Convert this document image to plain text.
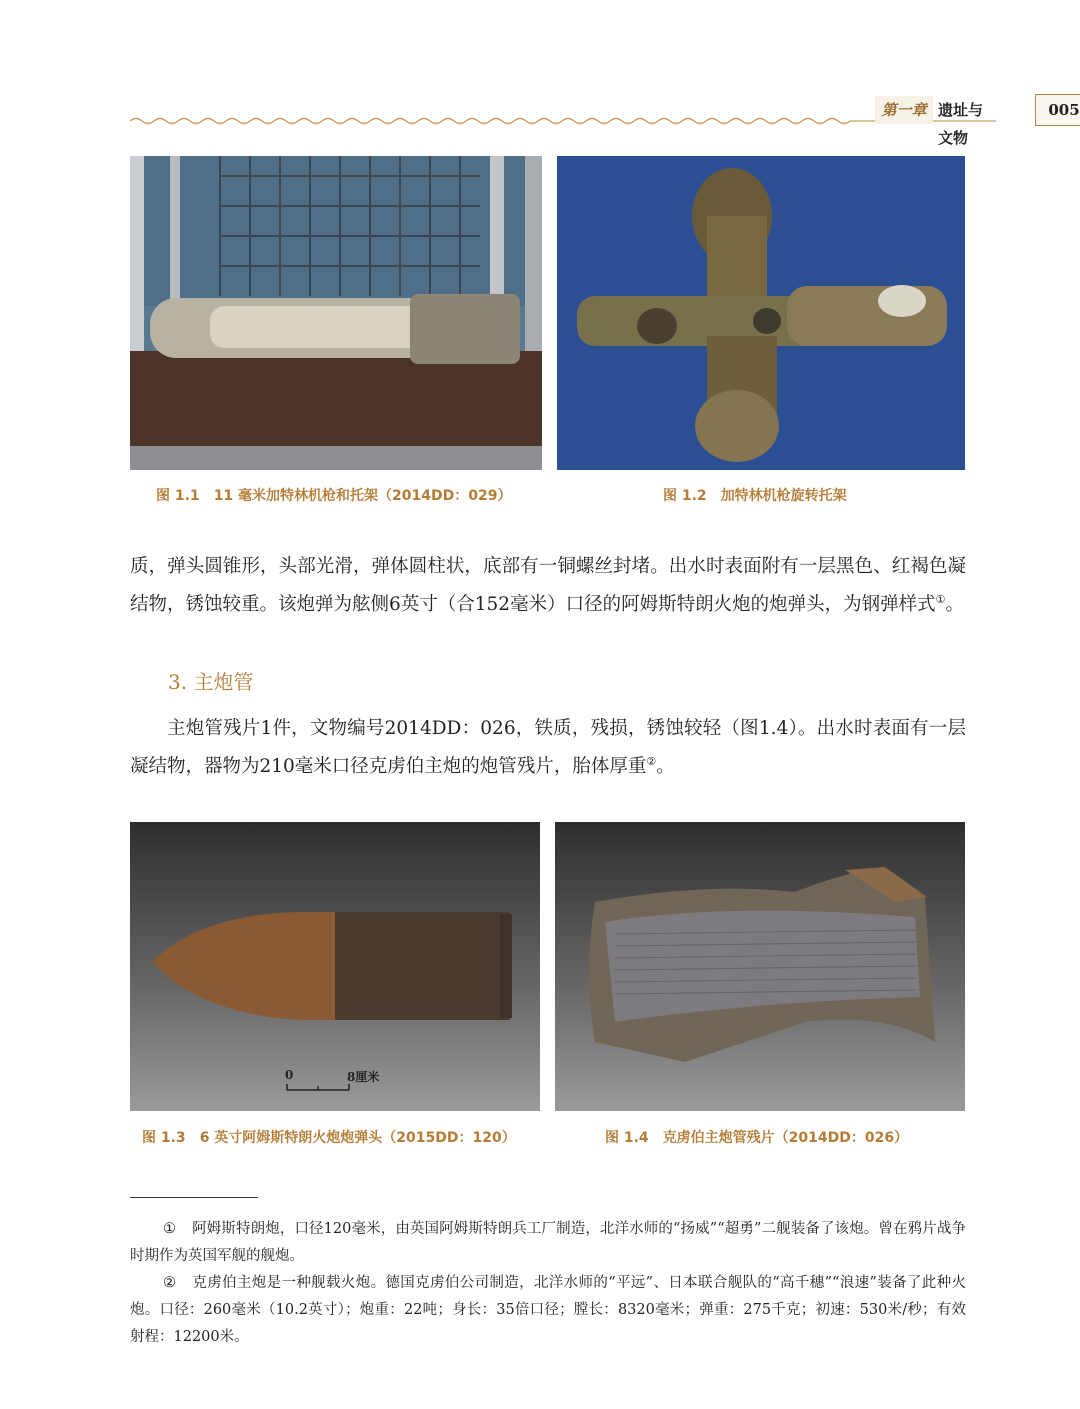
第一章 遗址与文物
005
图 1.1 11 毫米加特林机枪和托架（2014DD：029）	图 1.2 加特林机枪旋转托架
质，弹头圆锥形，头部光滑，弹体圆柱状，底部有一铜螺丝封堵。出水时表面附有一层黑色、红褐色凝结物，锈蚀较重。该炮弹为舷侧6英寸（合152毫米）口径的阿姆斯特朗火炮的炮弹头，为钢弹样式①。
3. 主炮管
主炮管残片1件，文物编号2014DD：026，铁质，残损，锈蚀较轻（图1.4）。出水时表面有一层凝结物，器物为210毫米口径克虏伯主炮的炮管残片，胎体厚重②。
0	8厘米
图 1.3 6 英寸阿姆斯特朗火炮炮弹头（2015DD：120）	图 1.4 克虏伯主炮管残片（2014DD：026）
① 阿姆斯特朗炮，口径120毫米，由英国阿姆斯特朗兵工厂制造，北洋水师的“扬威”“超勇”二舰装备了该炮。曾在鸦片战争时期作为英国军舰的舰炮。
② 克虏伯主炮是一种舰载火炮。德国克虏伯公司制造，北洋水师的“平远”、日本联合舰队的“高千穗”“浪速”装备了此种火炮。口径：260毫米（10.2英寸）；炮重：22吨；身长：35倍口径；膛长：8320毫米；弹重：275千克；初速：530米/秒；有效射程：12200米。
